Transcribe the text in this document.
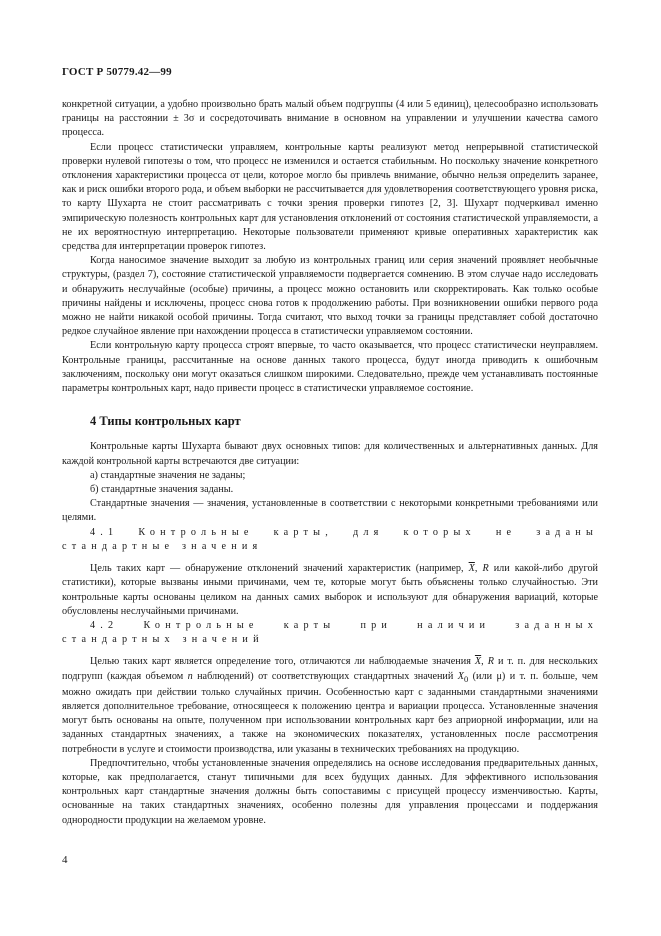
ГОСТ Р 50779.42—99

конкретной ситуации, а удобно произвольно брать малый объем подгруппы (4 или 5 единиц), целесообразно использовать границы на расстоянии ± 3σ и сосредоточивать внимание в основном на управлении и улучшении качества самого процесса.

Если процесс статистически управляем, контрольные карты реализуют метод непрерывной статистической проверки нулевой гипотезы о том, что процесс не изменился и остается стабильным. Но поскольку значение конкретного отклонения характеристики процесса от цели, которое могло бы привлечь внимание, обычно нельзя определить заранее, как и риск ошибки второго рода, и объем выборки не рассчитывается для удовлетворения соответствующего уровня риска, то карту Шухарта не стоит рассматривать с точки зрения проверки гипотез [2, 3]. Шухарт подчеркивал именно эмпирическую полезность контрольных карт для установления отклонений от состояния статистической управляемости, а не их вероятностную интерпретацию. Некоторые пользователи применяют кривые оперативных характеристик как средства для интерпретации проверок гипотез.

Когда наносимое значение выходит за любую из контрольных границ или серия значений проявляет необычные структуры, (раздел 7), состояние статистической управляемости подвергается сомнению. В этом случае надо исследовать и обнаружить неслучайные (особые) причины, а процесс можно остановить или скорректировать. Как только особые причины найдены и исключены, процесс снова готов к продолжению работы. При возникновении ошибки первого рода можно не найти никакой особой причины. Тогда считают, что выход точки за границы представляет собой достаточно редкое случайное явление при нахождении процесса в статистически управляемом состоянии.

Если контрольную карту процесса строят впервые, то часто оказывается, что процесс статистически неуправляем. Контрольные границы, рассчитанные на основе данных такого процесса, будут иногда приводить к ошибочным заключениям, поскольку они могут оказаться слишком широкими. Следовательно, прежде чем устанавливать постоянные параметры контрольных карт, надо привести процесс в статистически управляемое состояние.

4 Типы контрольных карт

Контрольные карты Шухарта бывают двух основных типов: для количественных и альтернативных данных. Для каждой контрольной карты встречаются две ситуации:

а) стандартные значения не заданы;

б) стандартные значения заданы.

Стандартные значения — значения, установленные в соответствии с некоторыми конкретными требованиями или целями.

4.1 Контрольные карты, для которых не заданы стандартные значения

Цель таких карт — обнаружение отклонений значений характеристик (например, $\overline{X}$, R или какой-либо другой статистики), которые вызваны иными причинами, чем те, которые могут быть объяснены только случайностью. Эти контрольные карты основаны целиком на данных самих выборок и используют для обнаружения вариаций, которые обусловлены неслучайными причинами.

4.2 Контрольные карты при наличии заданных стандартных значений

Целью таких карт является определение того, отличаются ли наблюдаемые значения $\overline{X}$, R и т. п. для нескольких подгрупп (каждая объемом n наблюдений) от соответствующих стандартных значений $X_0$ (или μ) и т. п. больше, чем можно ожидать при действии только случайных причин. Особенностью карт с заданными стандартными значениями является дополнительное требование, относящееся к положению центра и вариации процесса. Установленные значения могут быть основаны на опыте, полученном при использовании контрольных карт без априорной информации, или на заданных стандартных значениях, а также на экономических показателях, установленных после рассмотрения потребности в услуге и стоимости производства, или указаны в технических требованиях на продукцию.

Предпочтительно, чтобы установленные значения определялись на основе исследования предварительных данных, которые, как предполагается, станут типичными для всех будущих данных. Для эффективного использования контрольных карт стандартные значения должны быть сопоставимы с присущей процессу изменчивостью. Карты, основанные на таких стандартных значениях, особенно полезны для управления процессами и поддержания однородности продукции на желаемом уровне.

4
